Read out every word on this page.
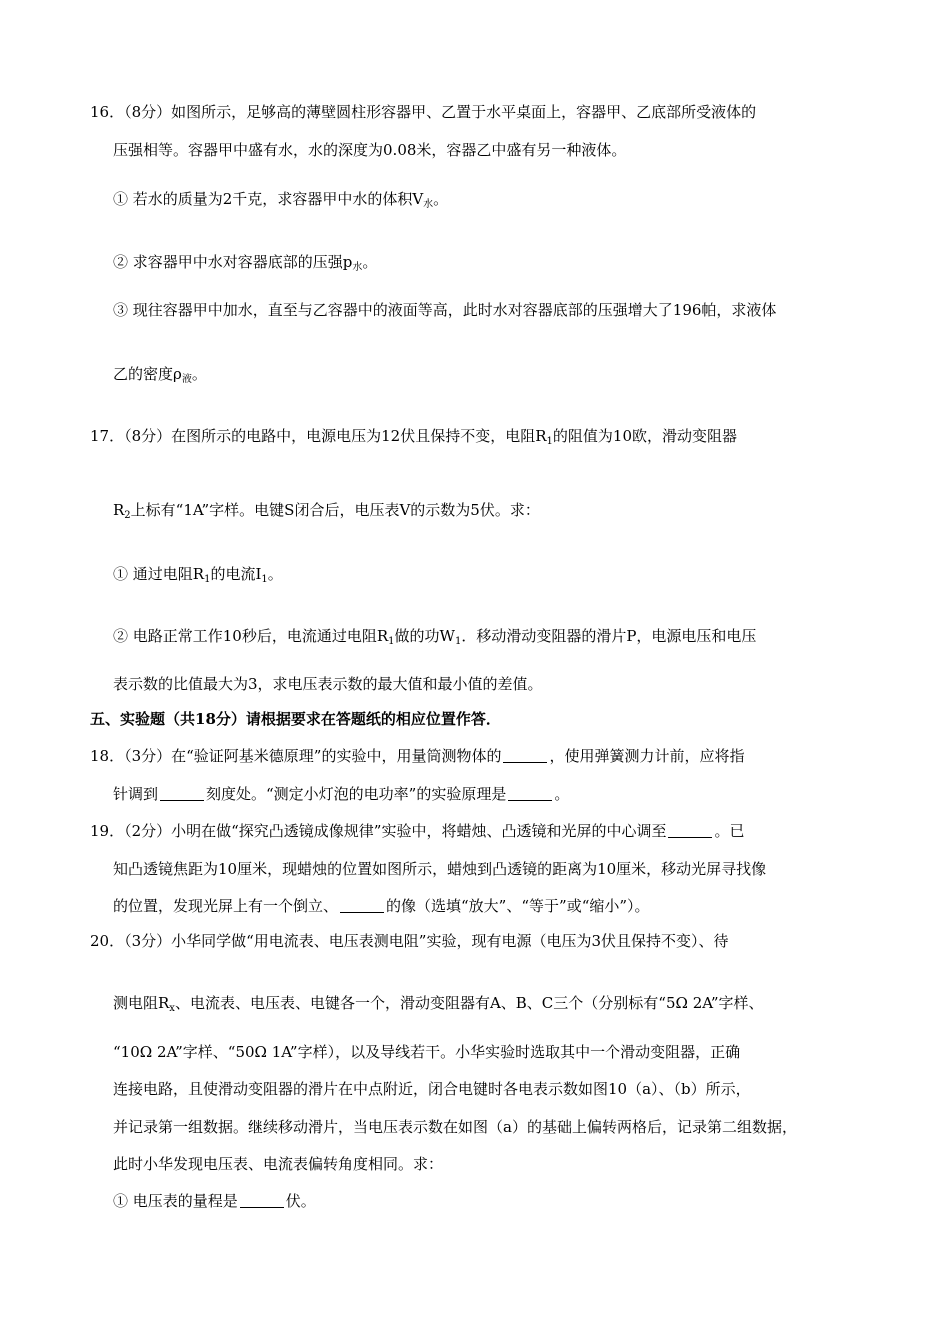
16．（8分）如图所示，足够高的薄壁圆柱形容器甲、乙置于水平桌面上，容器甲、乙底部所受液体的
压强相等。容器甲中盛有水，水的深度为0.08米，容器乙中盛有另一种液体。
① 若水的质量为2千克，求容器甲中水的体积$V_水$。
② 求容器甲中水对容器底部的压强$p_水$。
③ 现往容器甲中加水，直至与乙容器中的液面等高，此时水对容器底部的压强增大了196帕，求液体
乙的密度$\rho_液$。
17．（8分）在图所示的电路中，电源电压为12伏且保持不变，电阻$R_1$的阻值为10欧，滑动变阻器
$R_2$上标有“1A”字样。电键S闭合后，电压表V的示数为5伏。求：
① 通过电阻$R_1$的电流$I_1$。
② 电路正常工作10秒后，电流通过电阻$R_1$做的功$W_1$．移动滑动变阻器的滑片P，电源电压和电压
表示数的比值最大为3，求电压表示数的最大值和最小值的差值。
五、实验题（共18分）请根据要求在答题纸的相应位置作答．
18．（3分）在“验证阿基米德原理”的实验中，用量筒测物体的	，使用弹簧测力计前，应将指
针调到	刻度处。“测定小灯泡的电功率”的实验原理是	。
19．（2分）小明在做“探究凸透镜成像规律”实验中，将蜡烛、凸透镜和光屏的中心调至	。已
知凸透镜焦距为10厘米，现蜡烛的位置如图所示，蜡烛到凸透镜的距离为10厘米，移动光屏寻找像
的位置，发现光屏上有一个倒立、	的像（选填“放大”、“等于”或“缩小”）。
20．（3分）小华同学做“用电流表、电压表测电阻”实验，现有电源（电压为3伏且保持不变）、待
测电阻$R_x$、电流表、电压表、电键各一个，滑动变阻器有A、B、C三个（分别标有“5Ω 2A”字样、
“10Ω 2A”字样、“50Ω 1A”字样），以及导线若干。小华实验时选取其中一个滑动变阻器，正确
连接电路，且使滑动变阻器的滑片在中点附近，闭合电键时各电表示数如图10（a）、（b）所示，
并记录第一组数据。继续移动滑片，当电压表示数在如图（a）的基础上偏转两格后，记录第二组数据，
此时小华发现电压表、电流表偏转角度相同。求：
① 电压表的量程是	伏。
